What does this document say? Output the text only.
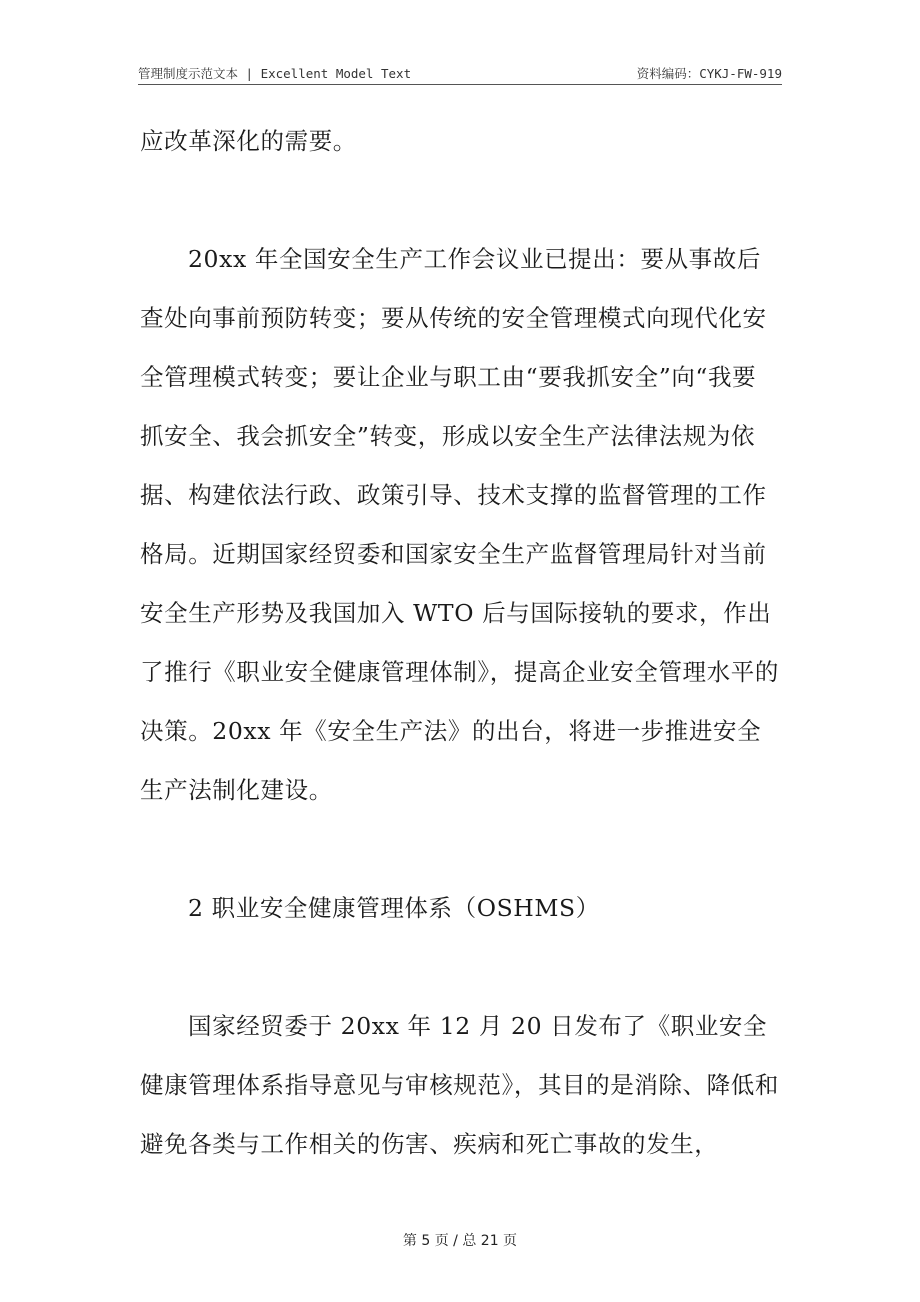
管理制度示范文本 | Excellent Model Text	资料编码：CYKJ-FW-919

应改革深化的需要。

20xx 年全国安全生产工作会议业已提出：要从事故后查处向事前预防转变；要从传统的安全管理模式向现代化安全管理模式转变；要让企业与职工由“要我抓安全”向“我要抓安全、我会抓安全”转变，形成以安全生产法律法规为依据、构建依法行政、政策引导、技术支撑的监督管理的工作格局。近期国家经贸委和国家安全生产监督管理局针对当前安全生产形势及我国加入 WTO 后与国际接轨的要求，作出了推行《职业安全健康管理体制》，提高企业安全管理水平的决策。20xx 年《安全生产法》的出台，将进一步推进安全生产法制化建设。

2 职业安全健康管理体系（OSHMS）

国家经贸委于 20xx 年 12 月 20 日发布了《职业安全健康管理体系指导意见与审核规范》，其目的是消除、降低和避免各类与工作相关的伤害、疾病和死亡事故的发生，

第 5 页 / 总 21 页
